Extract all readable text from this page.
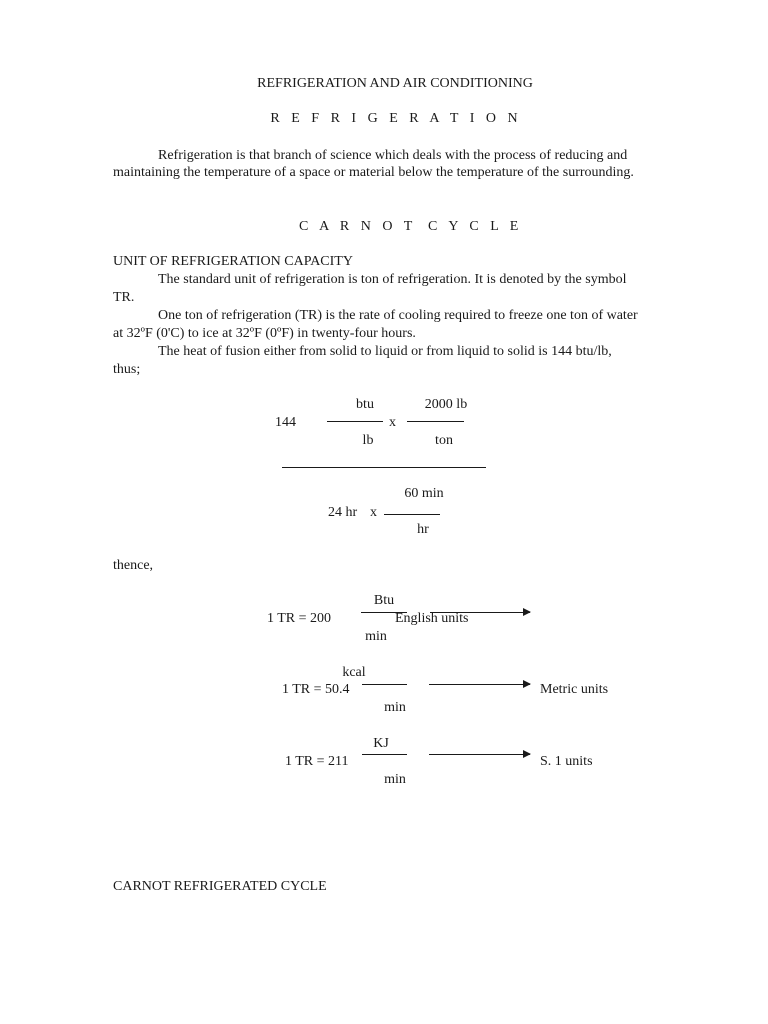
REFRIGERATION AND AIR CONDITIONING
R E F R I G E R A T I O N
Refrigeration is that branch of science which deals with the process of reducing and
maintaining the temperature of a space or material below the temperature of the surrounding.
C A R N O T C Y C L E
UNIT OF REFRIGERATION CAPACITY
The standard unit of refrigeration is ton of refrigeration. It is denoted by the symbol
TR.
One ton of refrigeration (TR) is the rate of cooling required to freeze one ton of water
at 32ºF (0'C) to ice at 32ºF (0ºF) in twenty-four hours.
The heat of fusion either from solid to liquid or from liquid to solid is 144 btu/lb,
thus;
btu	2000 lb
144	x
lb	ton
60 min
24 hr x
hr
thence,
Btu
1 TR = 200	English units
min
kcal
1 TR = 50.4	Metric units
min
KJ
1 TR = 211	S. 1 units
min
CARNOT REFRIGERATED CYCLE
